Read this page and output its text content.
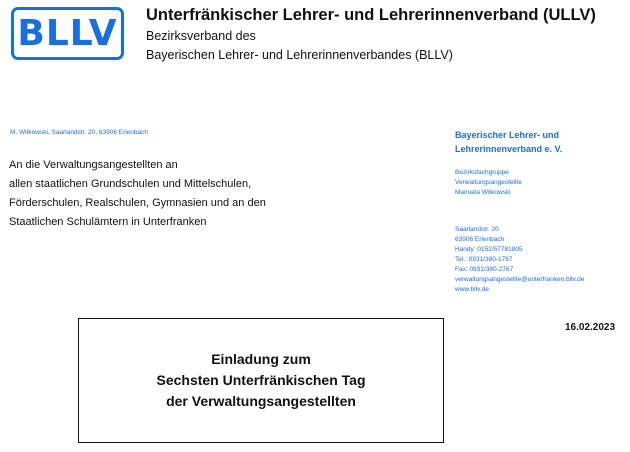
BLLV Unterfränkischer Lehrer- und Lehrerinnenverband (ULLV)
Bezirksverband des
Bayerischen Lehrer- und Lehrerinnenverbandes (BLLV)
M. Witkowski, Saarlandstr. 20, 63906 Erlenbach
An die Verwaltungsangestellten an
allen staatlichen Grundschulen und Mittelschulen,
Förderschulen, Realschulen, Gymnasien und an den
Staatlichen Schulämtern in Unterfranken
Bayerischer Lehrer- und
Lehrerinnenverband e. V.
Bezirksfachgruppe
Verwaltungsangestellte
Manuela Witkowski
Saarlandstr. 20
63906 Erlenbach
Handy: 0152/57781805
Tel.: 0931/380-1767
Fax: 0931/380-2767
verwaltungsangestellte@unterfranken.bllv.de
www.bllv.de
16.02.2023
Einladung zum
Sechsten Unterfränkischen Tag
der Verwaltungsangestellten
